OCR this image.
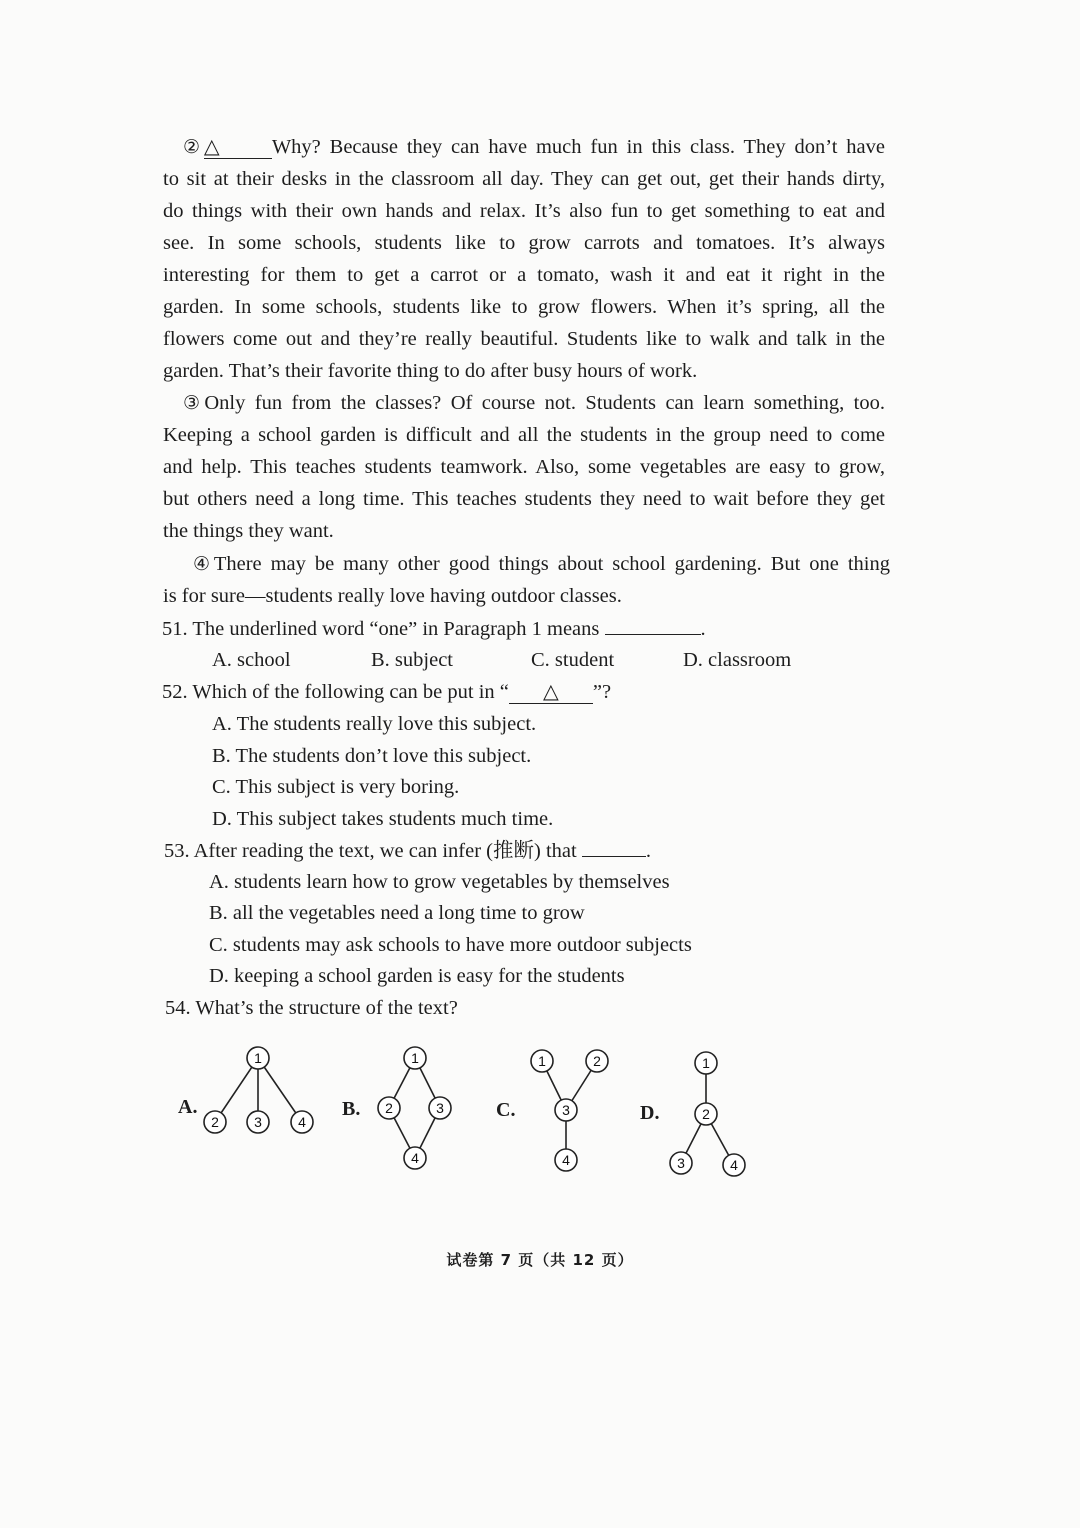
②△	Why? Because they can have much fun in this class. They don’t have
to sit at their desks in the classroom all day. They can get out, get their hands dirty,
do things with their own hands and relax. It’s also fun to get something to eat and
see. In some schools, students like to grow carrots and tomatoes. It’s always
interesting for them to get a carrot or a tomato, wash it and eat it right in the
garden. In some schools, students like to grow flowers. When it’s spring, all the
flowers come out and they’re really beautiful. Students like to walk and talk in the
garden. That’s their favorite thing to do after busy hours of work.
③Only fun from the classes? Of course not. Students can learn something, too.
Keeping a school garden is difficult and all the students in the group need to come
and help. This teaches students teamwork. Also, some vegetables are easy to grow,
but others need a long time. This teaches students they need to wait before they get
the things they want.
④There may be many other good things about school gardening. But one thing
is for sure—students really love having outdoor classes.
51. The underlined word “one” in Paragraph 1 means	.
A. school	B. subject	C. student	D. classroom
52. Which of the following can be put in “ △ ”?
A. The students really love this subject.
B. The students don’t love this subject.
C. This subject is very boring.
D. This subject takes students much time.
53. After reading the text, we can infer (推断) that	.
A. students learn how to grow vegetables by themselves
B. all the vegetables need a long time to grow
C. students may ask schools to have more outdoor subjects
D. keeping a school garden is easy for the students
54. What’s the structure of the text?
A.
1
2	3	4
B.
1
2	3
4
C.
1	2
3
4
D.
1
2
3	4
试卷第 7 页（共 12 页）
